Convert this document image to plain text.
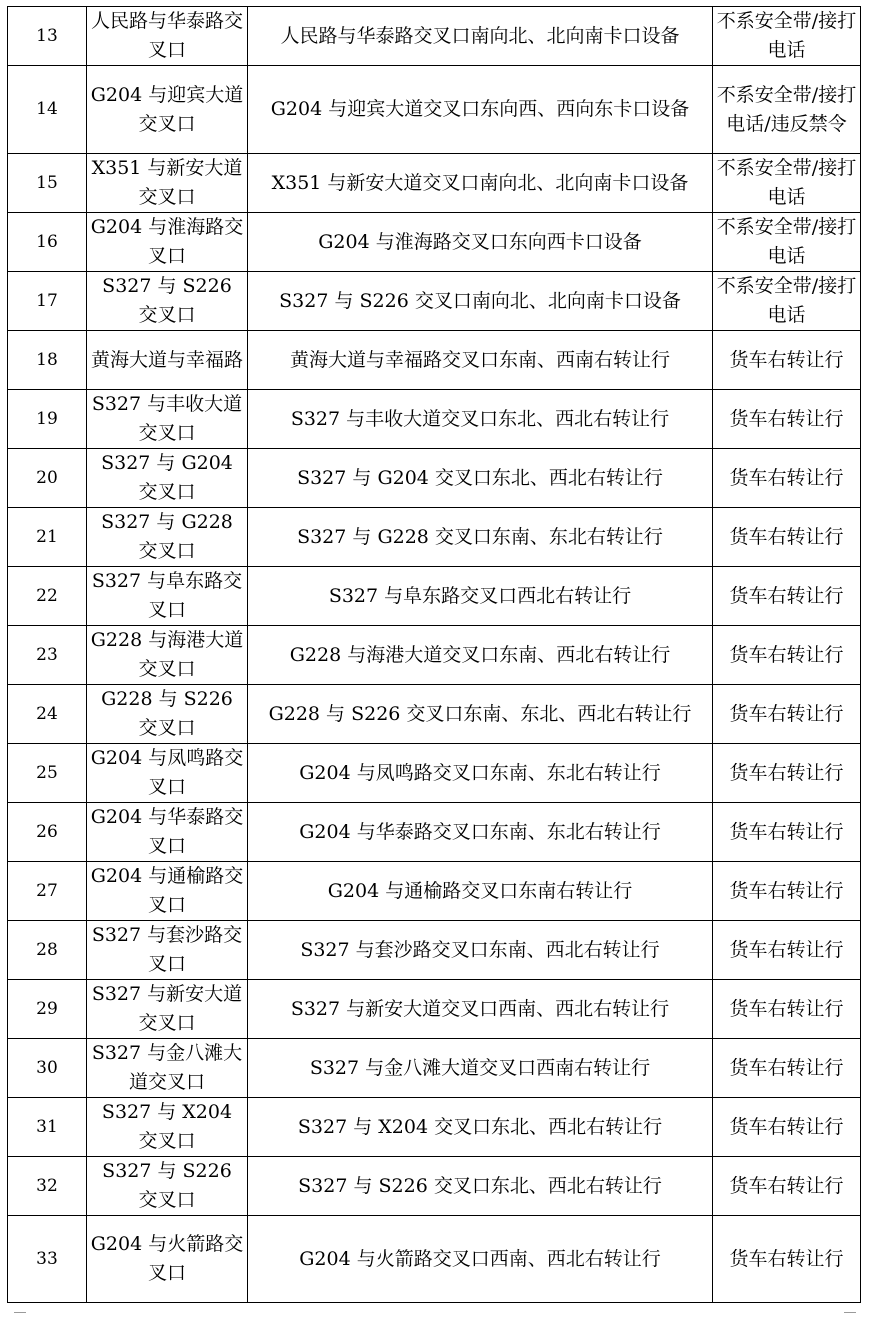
13	人民路与华泰路交叉口	人民路与华泰路交叉口南向北、北向南卡口设备	不系安全带/接打电话
14	G204 与迎宾大道交叉口	G204 与迎宾大道交叉口东向西、西向东卡口设备	不系安全带/接打电话/违反禁令
15	X351 与新安大道交叉口	X351 与新安大道交叉口南向北、北向南卡口设备	不系安全带/接打电话
16	G204 与淮海路交叉口	G204 与淮海路交叉口东向西卡口设备	不系安全带/接打电话
17	S327 与 S226 交叉口	S327 与 S226 交叉口南向北、北向南卡口设备	不系安全带/接打电话
18	黄海大道与幸福路	黄海大道与幸福路交叉口东南、西南右转让行	货车右转让行
19	S327 与丰收大道交叉口	S327 与丰收大道交叉口东北、西北右转让行	货车右转让行
20	S327 与 G204 交叉口	S327 与 G204 交叉口东北、西北右转让行	货车右转让行
21	S327 与 G228 交叉口	S327 与 G228 交叉口东南、东北右转让行	货车右转让行
22	S327 与阜东路交叉口	S327 与阜东路交叉口西北右转让行	货车右转让行
23	G228 与海港大道交叉口	G228 与海港大道交叉口东南、西北右转让行	货车右转让行
24	G228 与 S226 交叉口	G228 与 S226 交叉口东南、东北、西北右转让行	货车右转让行
25	G204 与凤鸣路交叉口	G204 与凤鸣路交叉口东南、东北右转让行	货车右转让行
26	G204 与华泰路交叉口	G204 与华泰路交叉口东南、东北右转让行	货车右转让行
27	G204 与通榆路交叉口	G204 与通榆路交叉口东南右转让行	货车右转让行
28	S327 与套沙路交叉口	S327 与套沙路交叉口东南、西北右转让行	货车右转让行
29	S327 与新安大道交叉口	S327 与新安大道交叉口西南、西北右转让行	货车右转让行
30	S327 与金八滩大道交叉口	S327 与金八滩大道交叉口西南右转让行	货车右转让行
31	S327 与 X204 交叉口	S327 与 X204 交叉口东北、西北右转让行	货车右转让行
32	S327 与 S226 交叉口	S327 与 S226 交叉口东北、西北右转让行	货车右转让行
33	G204 与火箭路交叉口	G204 与火箭路交叉口西南、西北右转让行	货车右转让行
